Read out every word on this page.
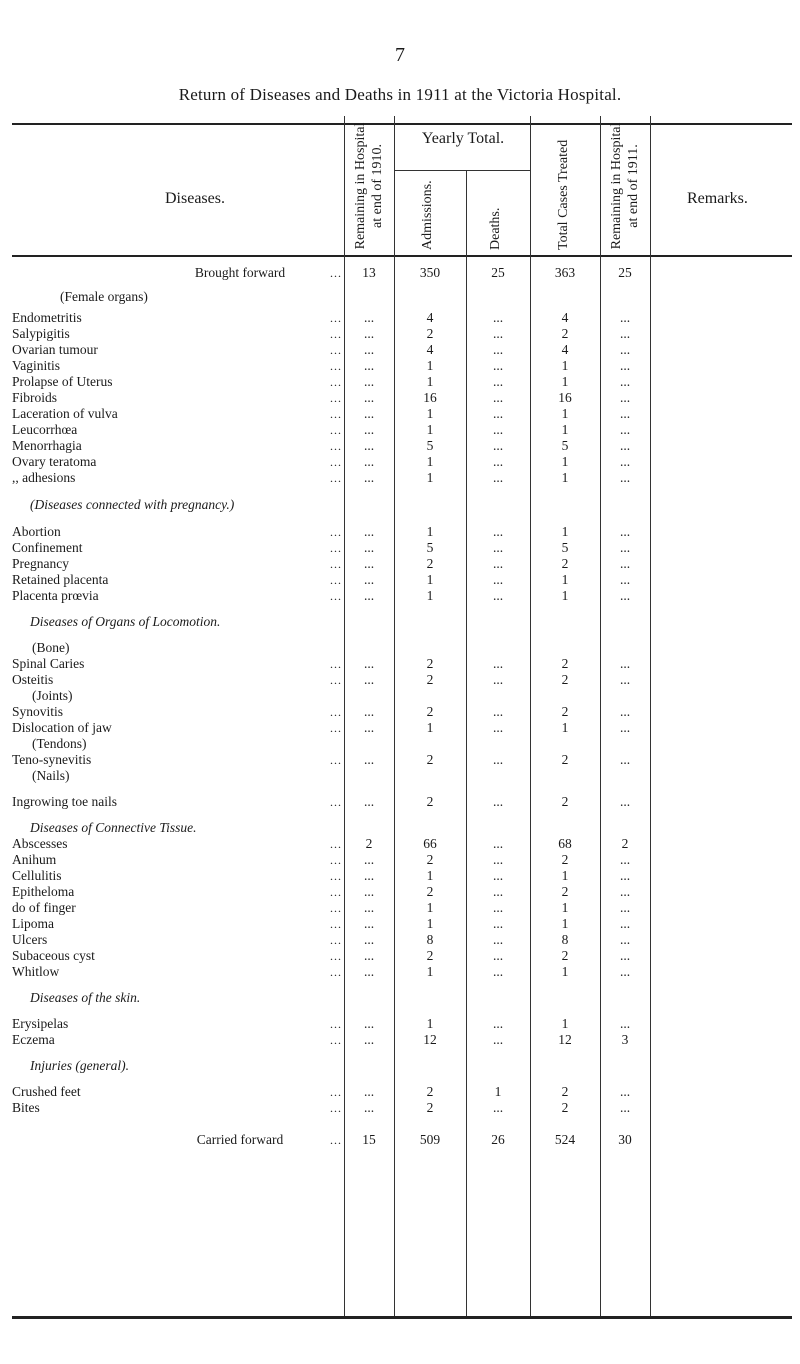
7
Return of Diseases and Deaths in 1911 at the Victoria Hospital.
Diseases.
Yearly Total.
Remarks.
Remaining in Hospital at end of 1910.	Admissions.	Deaths.	Total Cases Treated	Remaining in Hospital at end of 1911.
Brought forward	...	13	350	25	363	25
(Female organs)
Endometritis	...	...	4	...	4	...
Salypigitis	...	...	2	...	2	...
Ovarian tumour	...	...	4	...	4	...
Vaginitis	...	...	1	...	1	...
Prolapse of Uterus	...	...	1	...	1	...
Fibroids	...	...	16	...	16	...
Laceration of vulva	...	...	1	...	1	...
Leucorrhœa	...	...	1	...	1	...
Menorrhagia	...	...	5	...	5	...
Ovary teratoma	...	...	1	...	1	...
,, adhesions	...	...	1	...	1	...
(Diseases connected with pregnancy.)
Abortion	...	...	1	...	1	...
Confinement	...	...	5	...	5	...
Pregnancy	...	...	2	...	2	...
Retained placenta	...	...	1	...	1	...
Placenta prœvia	...	...	1	...	1	...
Diseases of Organs of Locomotion.
(Bone)
Spinal Caries	...	...	2	...	2	...
Osteitis	...	...	2	...	2	...
(Joints)
Synovitis	...	...	2	...	2	...
Dislocation of jaw	...	...	1	...	1	...
(Tendons)
Teno-synevitis	...	...	2	...	2	...
(Nails)
Ingrowing toe nails	...	...	2	...	2	...
Diseases of Connective Tissue.
Abscesses	...	2	66	...	68	2
Anihum	...	...	2	...	2	...
Cellulitis	...	...	1	...	1	...
Epitheloma	...	...	2	...	2	...
do of finger	...	...	1	...	1	...
Lipoma	...	...	1	...	1	...
Ulcers	...	...	8	...	8	...
Subaceous cyst	...	...	2	...	2	...
Whitlow	...	...	1	...	1	...
Diseases of the skin.
Erysipelas	...	...	1	...	1	...
Eczema	...	...	12	...	12	3
Injuries (general).
Crushed feet	...	...	2	1	2	...
Bites	...	...	2	...	2	...
Carried forward	...	15	509	26	524	30
